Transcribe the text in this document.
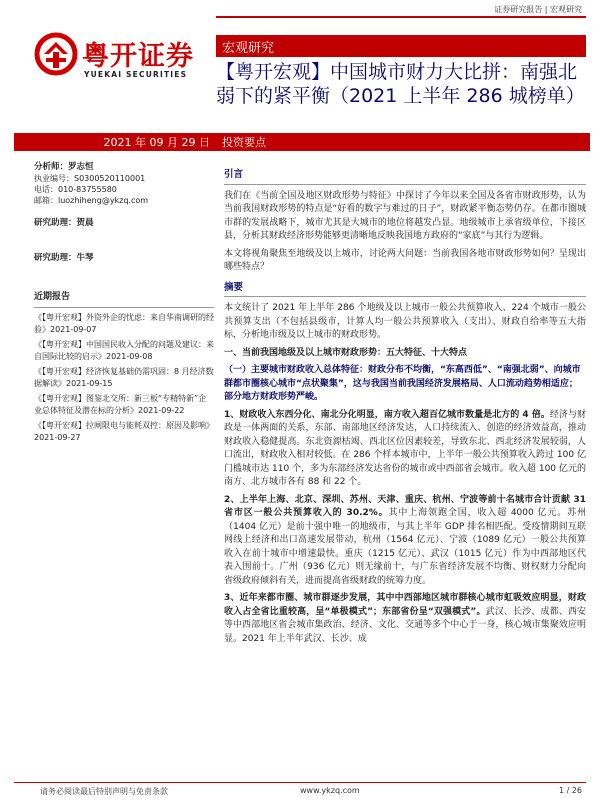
证券研究报告 | 宏观研究
粤开证券
YUEKAI SECURITIES
宏观研究
【粤开宏观】中国城市财力大比拼：南强北弱下的紧平衡（2021 上半年 286 城榜单）
2021 年 09 月 29 日 投资要点
分析师：罗志恒
执业编号：S0300520110001
电话：010-83755580
邮箱：luozhiheng@ykzq.com
研究助理：贺晨
研究助理：牛琴
近期报告
《【粤开宏观】外资外企的忧虑：来自华南调研的经验》2021-09-07
《【粤开宏观】中国国民收入分配的问题及建议：来自国际比较的启示》2021-09-08
《【粤开宏观】经济恢复基础仍需巩固：8 月经济数据解读》2021-09-15
《【粤开宏观】图鉴北交所：新三板“专精特新”企业总体特征及潜在标的分析》2021-09-22
《【粤开宏观】拉闸限电与能耗双控：原因及影响》2021-09-27
引言

我们在《当前全国及地区财政形势与特征》中探讨了今年以来全国及各省市财政形势，认为当前我国财政形势的特点是“好看的数字与难过的日子”，财政紧平衡态势仍存。在都市圈城市群的发展战略下，城市尤其是大城市的地位将越发凸显。地级城市上承省级单位，下接区县，分析其财政经济形势能够更清晰地反映我国地方政府的“家底”与其行为逻辑。

本文将视角聚焦至地级及以上城市，讨论两大问题：当前我国各地市财政形势如何？呈现出哪些特点？

摘要

本文统计了 2021 年上半年 286 个地级及以上城市一般公共预算收入、224 个城市一般公共预算支出（不包括县级市，计算人均一般公共预算收入（支出）、财政自给率等五大指标，分析地市级及以上城市的财政形势。

一、当前我国地级及以上城市财政形势：五大特征、十大特点

（一）主要城市财政收入总体特征：财政分布不均衡，“东高西低”、“南强北弱”、向城市群都市圈核心城市“点状聚集”，这与我国当前我国经济发展格局、人口流动趋势相适应；部分地方财政形势严峻。

1、财政收入东西分化、南北分化明显，南方收入超百亿城市数量是北方的 4 倍。经济与财政是一体两面的关系，东部、南部地区经济发达，人口持续流入、创造的经济效益高，推动财政收入稳健提高。东北资源枯竭、西北区位因素较差，导致东北、西北经济发展较弱，人口流出，财政收入相对较低。在 286 个样本城市中，上半年一般公共预算收入跨过 100 亿门槛城市达 110 个，多为东部经济发达省份的城市或中西部省会城市。收入超 100 亿元的南方、北方城市各有 88 和 22 个。

2、上半年上海、北京、深圳、苏州、天津、重庆、杭州、宁波等前十名城市合计贡献 31 省市区一般公共预算收入的 30.2%。其中上海领跑全国，收入超 4000 亿元。苏州（1404 亿元）是前十强中唯一的地级市，与其上半年 GDP 排名相匹配。受疫情期间互联网线上经济和出口高速发展带动，杭州（1564 亿元）、宁波（1089 亿元）一般公共预算收入在前十城市中增速最快。重庆（1215 亿元）、武汉（1015 亿元）作为中西部地区代表入围前十。广州（936 亿元）则无缘前十，与广东省经济发展不均衡、财权财力分配向省级政府倾斜有关，进而提高省级财政的统筹力度。

3、近年来都市圈、城市群逐步发展，其中中西部地区城市群核心城市虹吸效应明显，财政收入占全省比重较高，呈“单极模式”；东部省份呈“双强模式”。武汉、长沙、成都、西安等中西部地区省会城市集政治、经济、文化、交通等多个中心于一身，核心城市集聚效应明显。2021 年上半年武汉、长沙、成

请务必阅读最后特别声明与免责条款	www.ykzq.com	1 / 26
